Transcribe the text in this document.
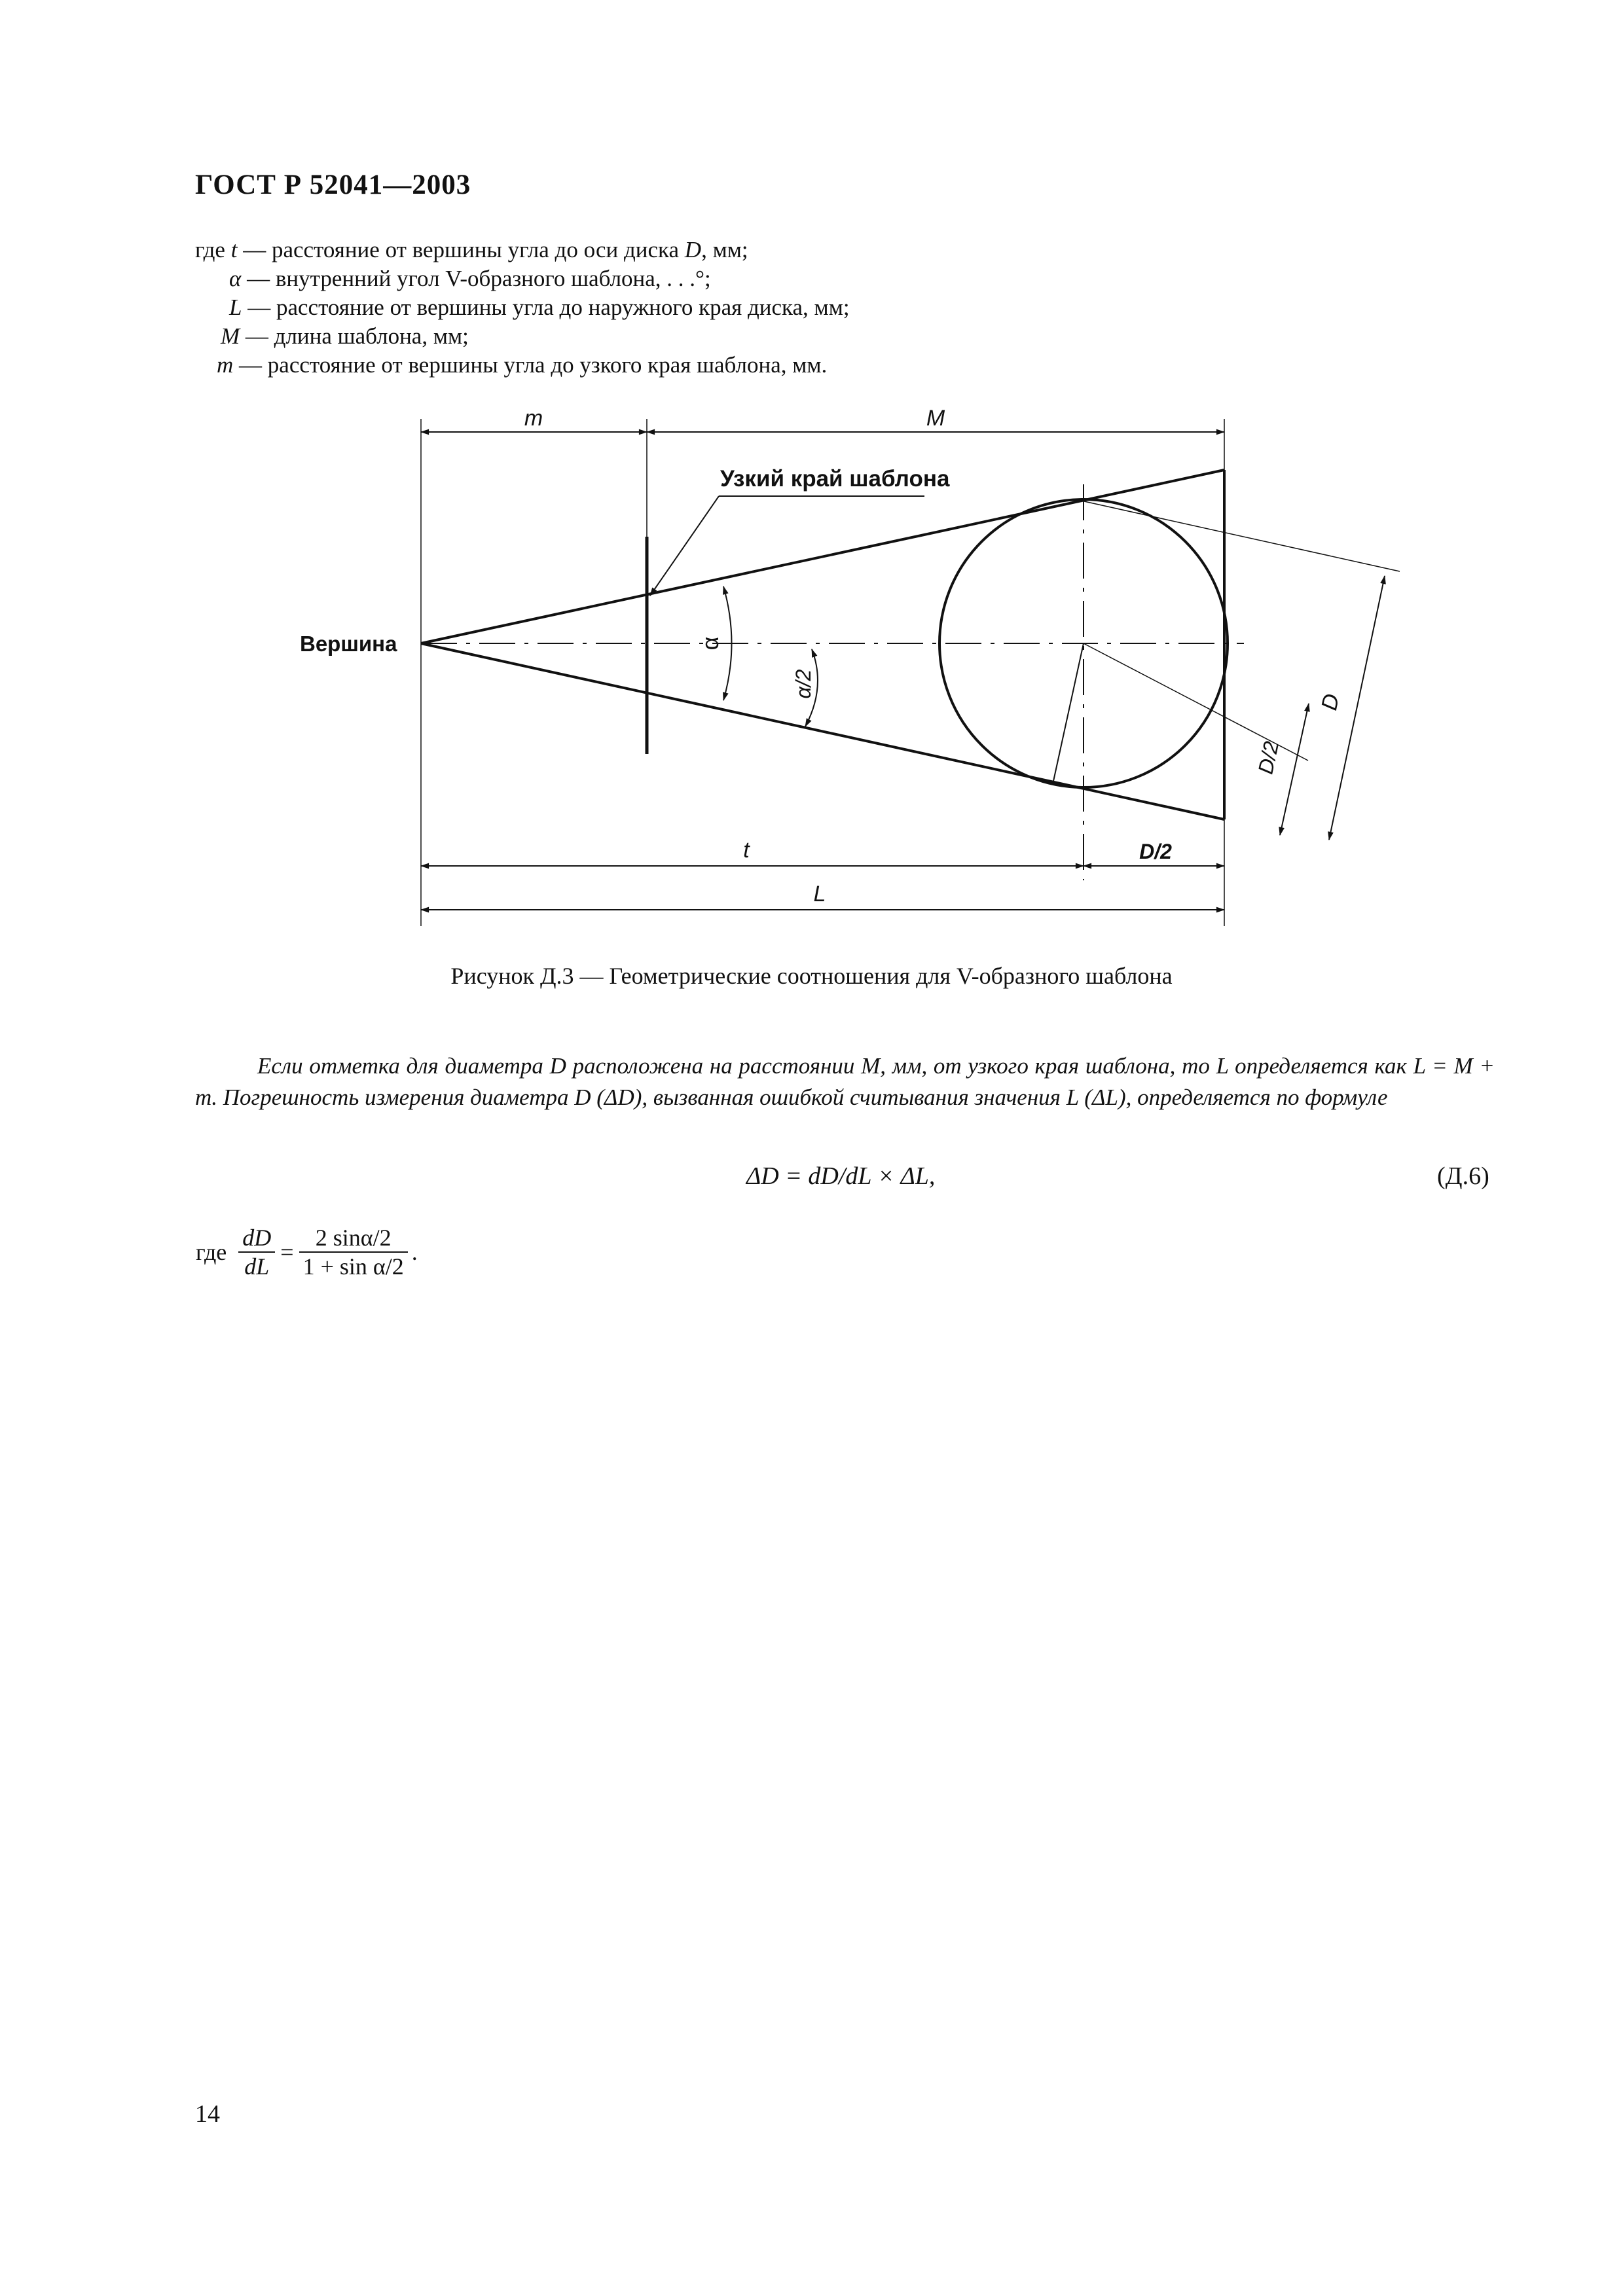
ГОСТ Р 52041—2003
где t — расстояние от вершины угла до оси диска D, мм;
α — внутренний угол V-образного шаблона, . . .°;
L — расстояние от вершины угла до наружного края диска, мм;
M — длина шаблона, мм;
m — расстояние от вершины угла до узкого края шаблона, мм.
m	M
Узкий край шаблона
Вершина	α
α/2
D
D/2
t	D/2
L
Рисунок Д.3 — Геометрические соотношения для V-образного шаблона
Если отметка для диаметра D расположена на расстоянии M, мм, от узкого края шаблона, то L определяется как L = M + m. Погрешность измерения диаметра D (ΔD), вызванная ошибкой считывания значения L (ΔL), определяется по формуле
ΔD = dD/dL × ΔL,	(Д.6)
где	dD	=	2 sinα/2	.
	dL		1 + sin α/2	
14
